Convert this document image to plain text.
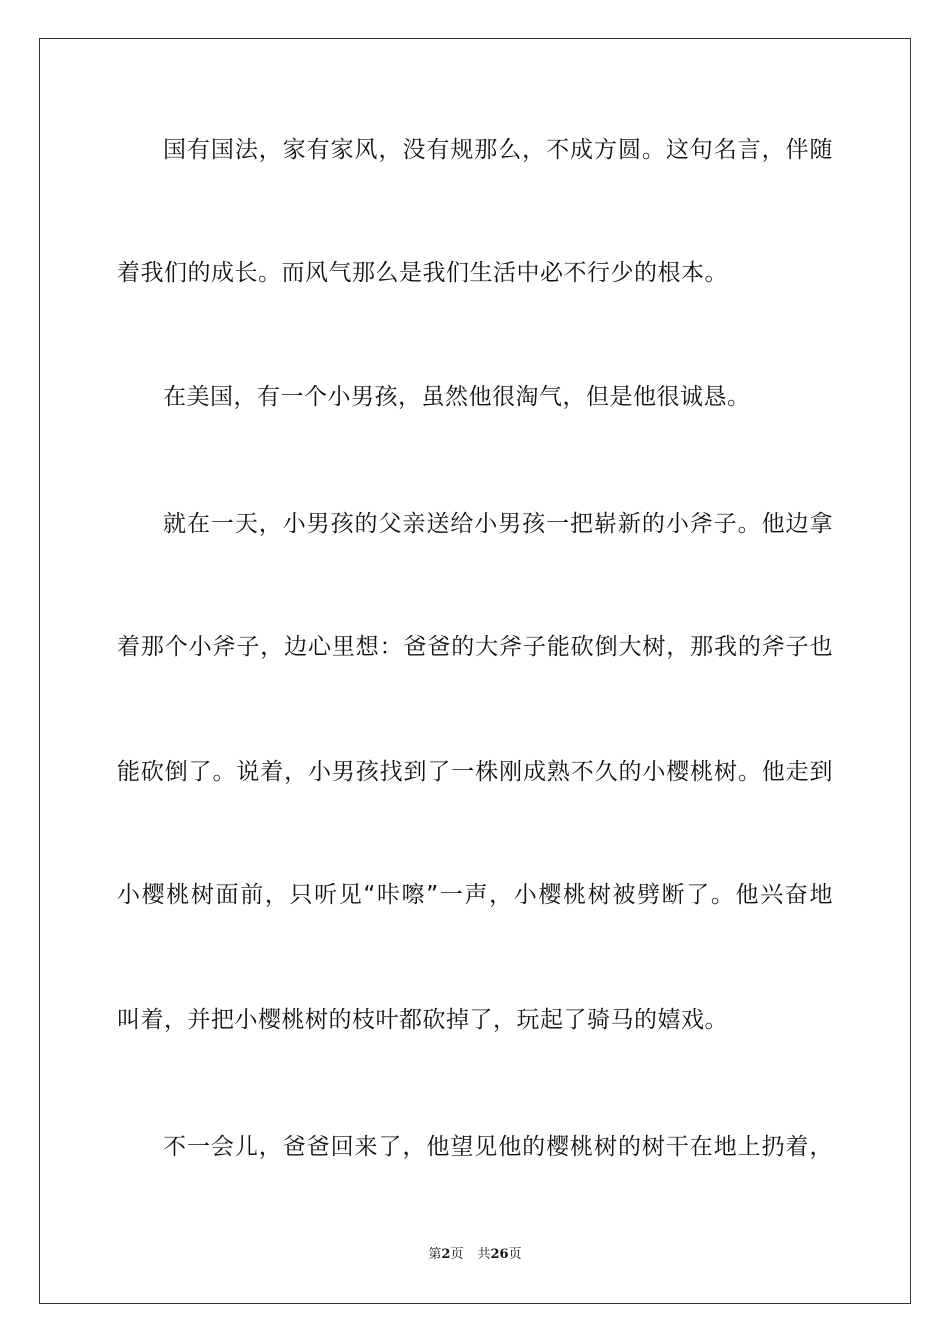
国有国法，家有家风，没有规那么，不成方圆。这句名言，伴随
着我们的成长。而风气那么是我们生活中必不行少的根本。
在美国，有一个小男孩，虽然他很淘气，但是他很诚恳。
就在一天，小男孩的父亲送给小男孩一把崭新的小斧子。他边拿
着那个小斧子，边心里想：爸爸的大斧子能砍倒大树，那我的斧子也
能砍倒了。说着，小男孩找到了一株刚成熟不久的小樱桃树。他走到
小樱桃树面前，只听见“咔嚓”一声，小樱桃树被劈断了。他兴奋地
叫着，并把小樱桃树的枝叶都砍掉了，玩起了骑马的嬉戏。
不一会儿，爸爸回来了，他望见他的樱桃树的树干在地上扔着，
第2页 共26页
